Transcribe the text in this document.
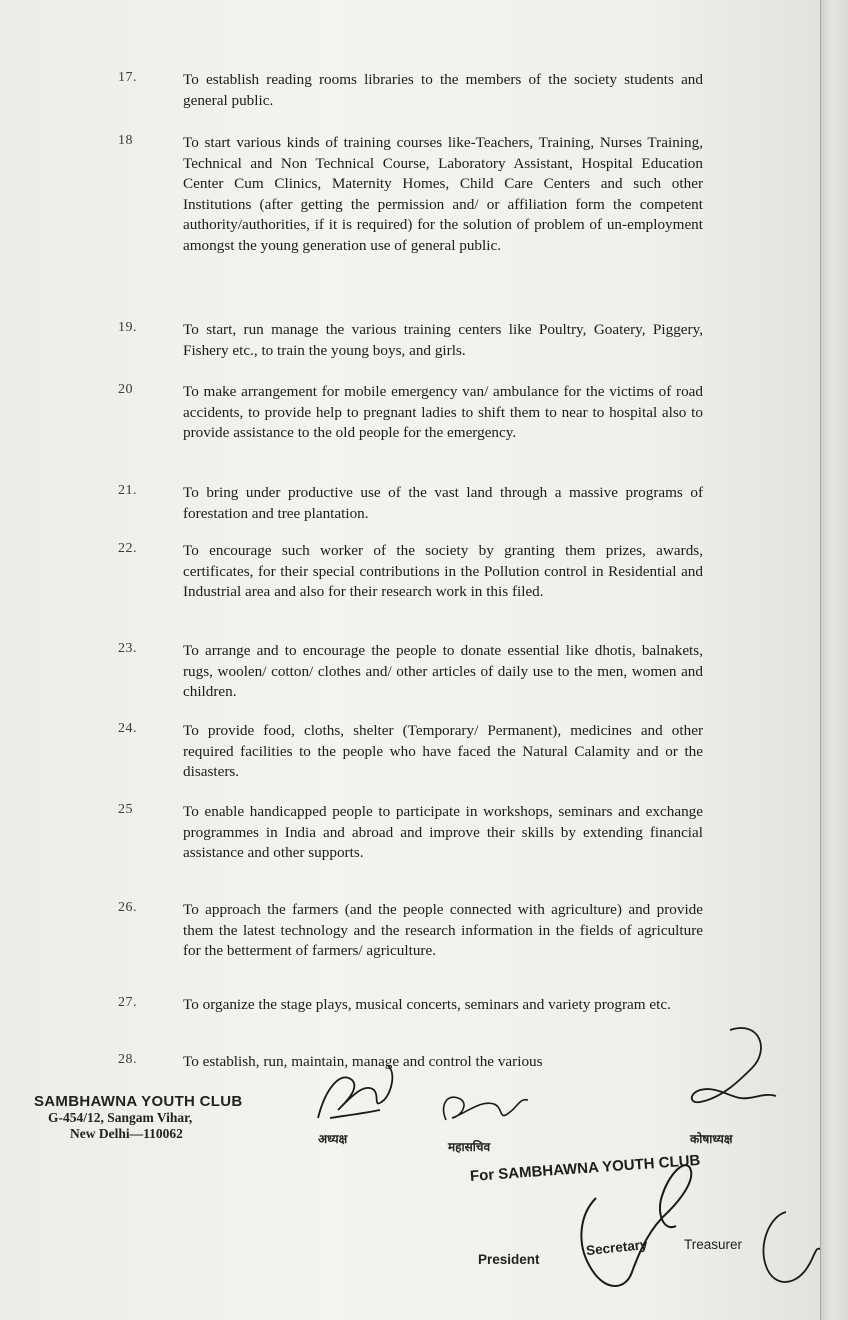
17.	To establish reading rooms libraries to the members of the society students and general public.
18	To start various kinds of training courses like-Teachers, Training, Nurses Training, Technical and Non Technical Course, Laboratory Assistant, Hospital Education Center Cum Clinics, Maternity Homes, Child Care Centers and such other Institutions (after getting the permission and/ or affiliation form the competent authority/authorities, if it is required) for the solution of problem of un-employment amongst the young generation use of general public.
19.	To start, run manage the various training centers like Poultry, Goatery, Piggery, Fishery etc., to train the young boys, and girls.
20	To make arrangement for mobile emergency van/ ambulance for the victims of road accidents, to provide help to pregnant ladies to shift them to near to hospital also to provide assistance to the old people for the emergency.
21.	To bring under productive use of the vast land through a massive programs of forestation and tree plantation.
22.	To encourage such worker of the society by granting them prizes, awards, certificates, for their special contributions in the Pollution control in Residential and Industrial area and also for their research work in this filed.
23.	To arrange and to encourage the people to donate essential like dhotis, balnakets, rugs, woolen/ cotton/ clothes and/ other articles of daily use to the men, women and children.
24.	To provide food, cloths, shelter (Temporary/ Permanent), medicines and other required facilities to the people who have faced the Natural Calamity and or the disasters.
25	To enable handicapped people to participate in workshops, seminars and exchange programmes in India and abroad and improve their skills by extending financial assistance and other supports.
26.	To approach the farmers (and the people connected with agriculture) and provide them the latest technology and the research information in the fields of agriculture for the betterment of farmers/ agriculture.
27.	To organize the stage plays, musical concerts, seminars and variety program etc.
28.	To establish, run, maintain, manage and control the various
SAMBHAWNA YOUTH CLUB
G-454/12, Sangam Vihar,
New Delhi—110062	अध्यक्ष
महासचिव
कोषाध्यक्ष
For SAMBHAWNA YOUTH CLUB
President
Secretary	Treasurer
